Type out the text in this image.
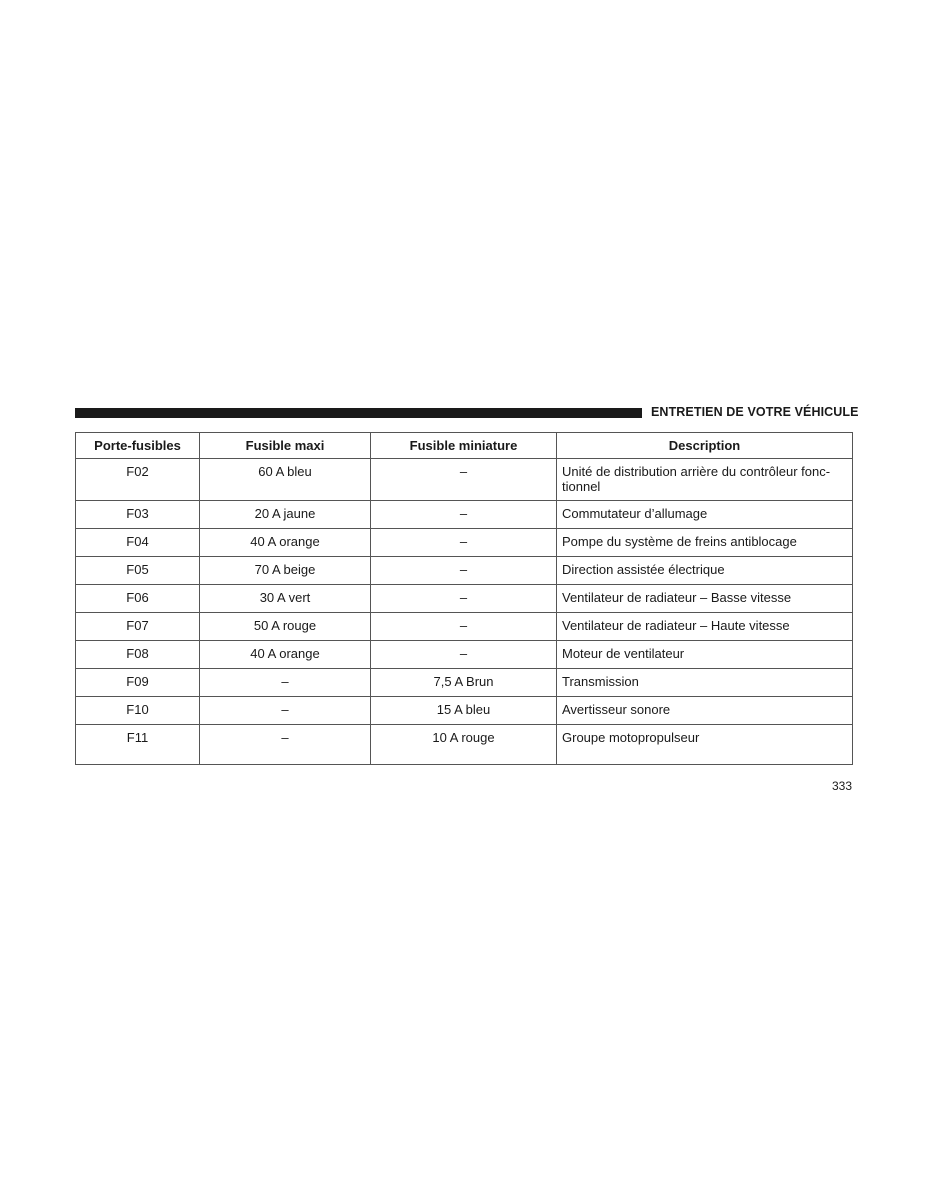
ENTRETIEN DE VOTRE VÉHICULE
Porte-fusibles	Fusible maxi	Fusible miniature	Description
F02	60 A bleu	–	Unité de distribution arrière du contrôleur fonc-tionnel
F03	20 A jaune	–	Commutateur d’allumage
F04	40 A orange	–	Pompe du système de freins antiblocage
F05	70 A beige	–	Direction assistée électrique
F06	30 A vert	–	Ventilateur de radiateur – Basse vitesse
F07	50 A rouge	–	Ventilateur de radiateur – Haute vitesse
F08	40 A orange	–	Moteur de ventilateur
F09	–	7,5 A Brun	Transmission
F10	–	15 A bleu	Avertisseur sonore
F11	–	10 A rouge	Groupe motopropulseur
333
